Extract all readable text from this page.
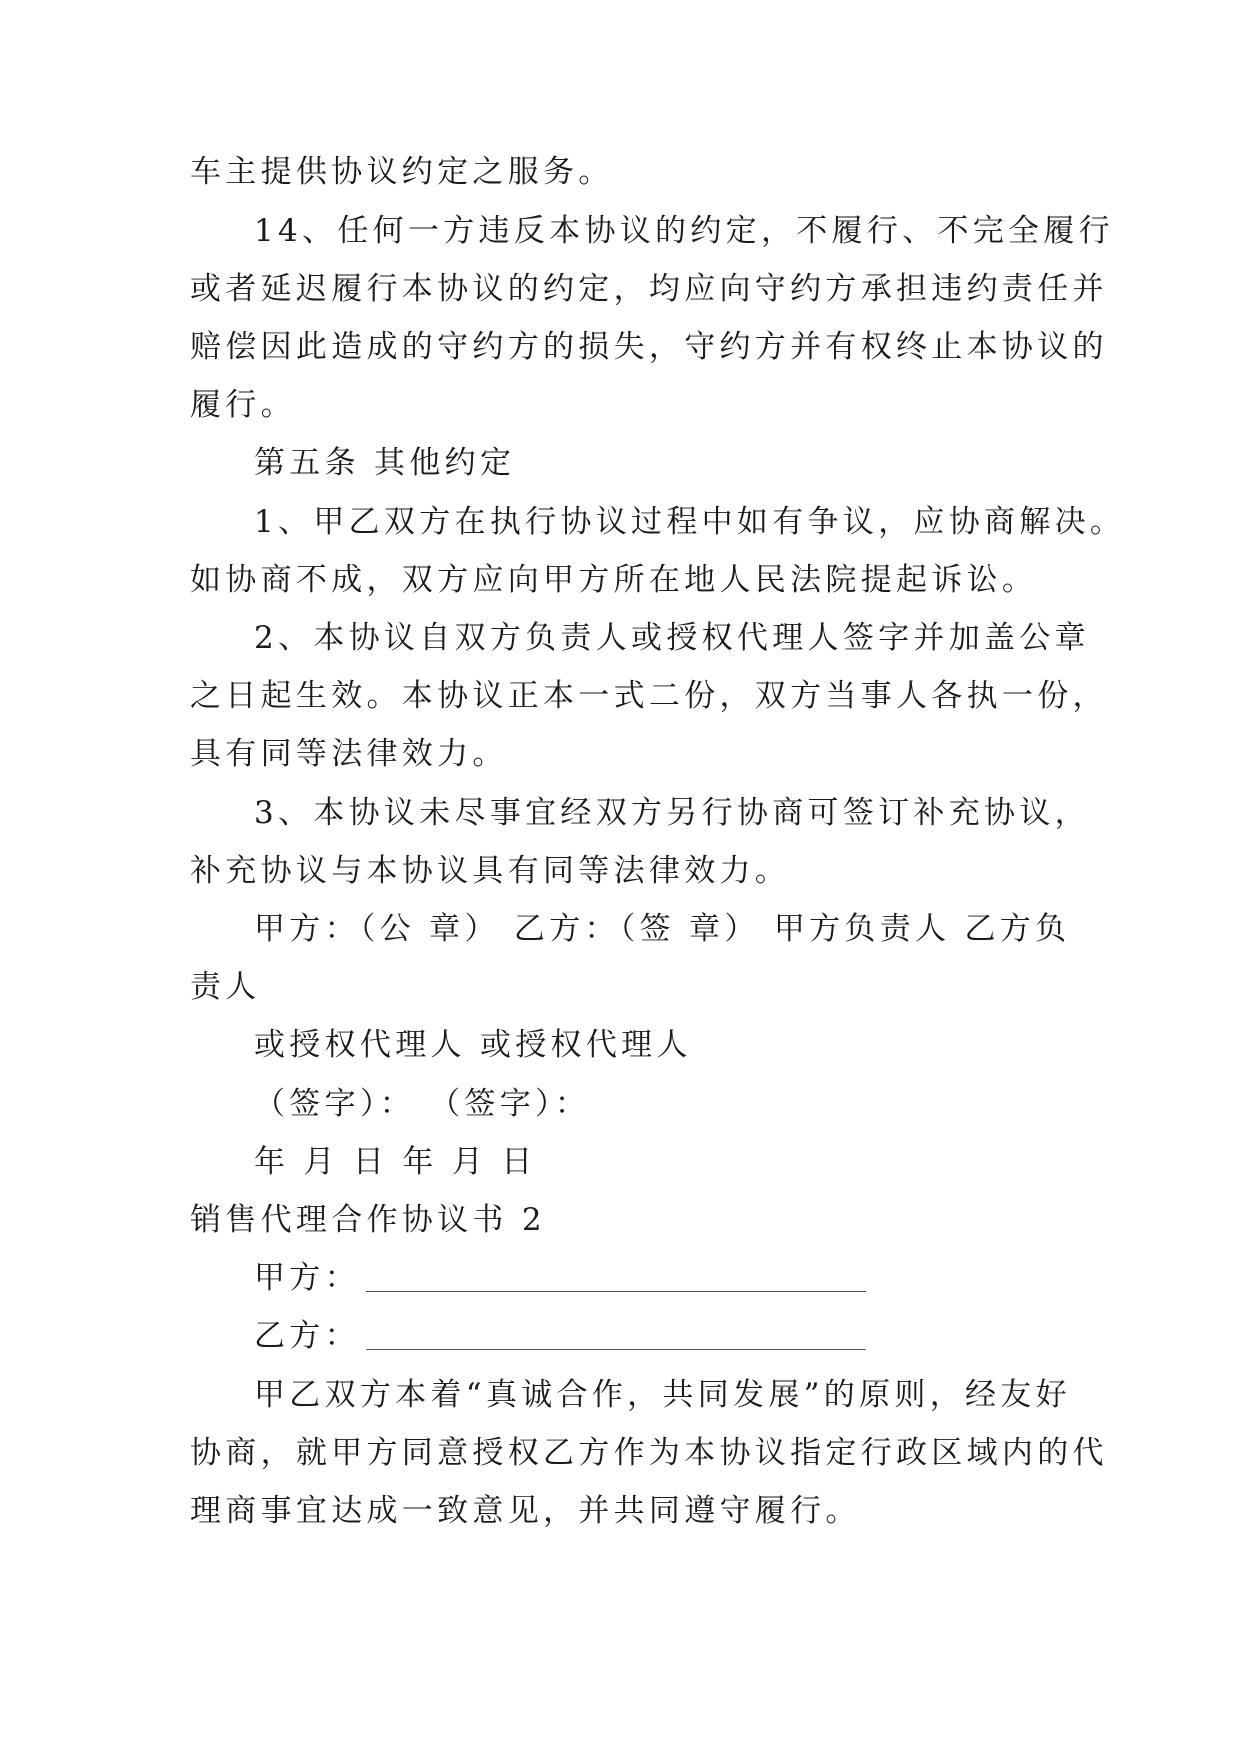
车主提供协议约定之服务。
14、任何一方违反本协议的约定，不履行、不完全履行
或者延迟履行本协议的约定，均应向守约方承担违约责任并
赔偿因此造成的守约方的损失，守约方并有权终止本协议的
履行。
第五条 其他约定
1、甲乙双方在执行协议过程中如有争议，应协商解决。
如协商不成，双方应向甲方所在地人民法院提起诉讼。
2、本协议自双方负责人或授权代理人签字并加盖公章
之日起生效。本协议正本一式二份，双方当事人各执一份，
具有同等法律效力。
3、本协议未尽事宜经双方另行协商可签订补充协议，
补充协议与本协议具有同等法律效力。
甲方：（公 章） 乙方：（签 章） 甲方负责人 乙方负
责人
或授权代理人 或授权代理人
（签字）： （签字）：
年 月 日 年 月 日
销售代理合作协议书 2
甲方：
乙方：
甲乙双方本着“真诚合作，共同发展”的原则，经友好
协商，就甲方同意授权乙方作为本协议指定行政区域内的代
理商事宜达成一致意见，并共同遵守履行。
